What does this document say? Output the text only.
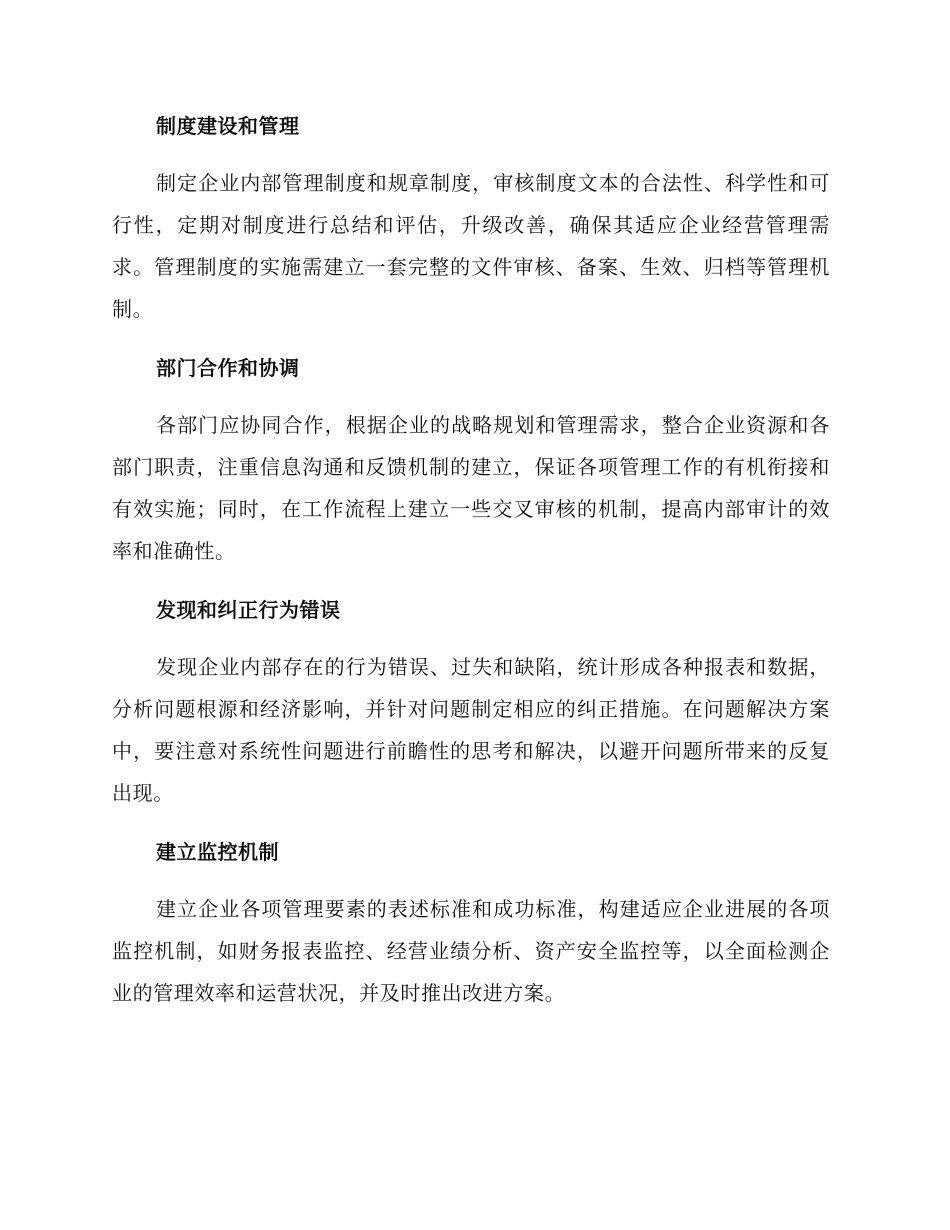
制度建设和管理

制定企业内部管理制度和规章制度，审核制度文本的合法性、科学性和可行性，定期对制度进行总结和评估，升级改善，确保其适应企业经营管理需求。管理制度的实施需建立一套完整的文件审核、备案、生效、归档等管理机制。

部门合作和协调

各部门应协同合作，根据企业的战略规划和管理需求，整合企业资源和各部门职责，注重信息沟通和反馈机制的建立，保证各项管理工作的有机衔接和有效实施；同时，在工作流程上建立一些交叉审核的机制，提高内部审计的效率和准确性。

发现和纠正行为错误

发现企业内部存在的行为错误、过失和缺陷，统计形成各种报表和数据，分析问题根源和经济影响，并针对问题制定相应的纠正措施。在问题解决方案中，要注意对系统性问题进行前瞻性的思考和解决，以避开问题所带来的反复出现。

建立监控机制

建立企业各项管理要素的表述标准和成功标准，构建适应企业进展的各项监控机制，如财务报表监控、经营业绩分析、资产安全监控等，以全面检测企业的管理效率和运营状况，并及时推出改进方案。
